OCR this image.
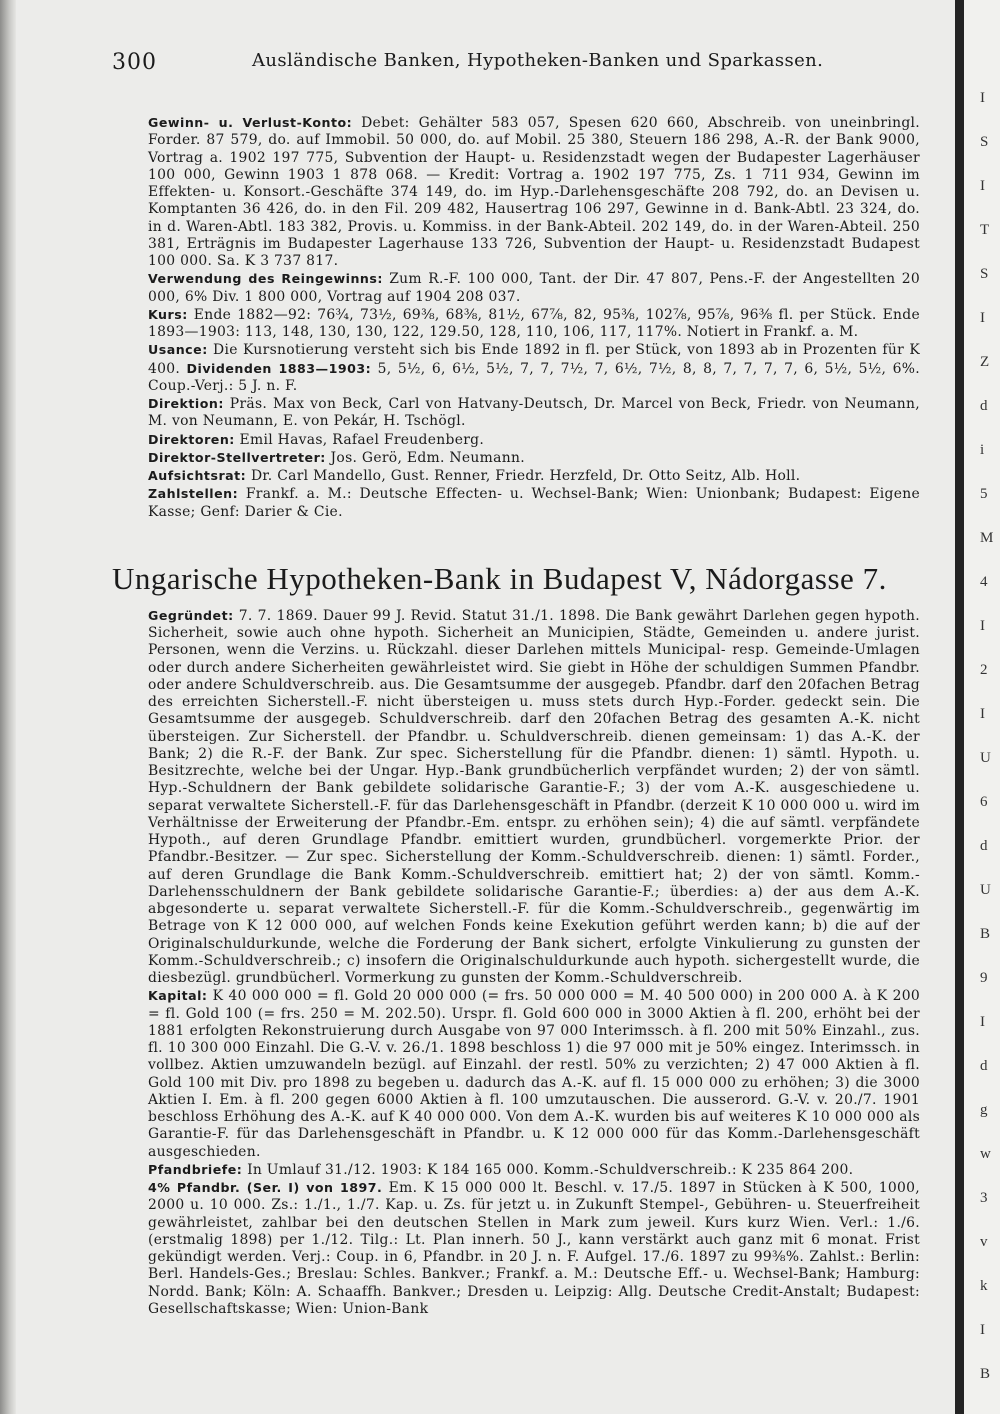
I
S
I
T
S
I
Z
d
i
5
M
4
I
2
I
U
6
d
U
B
9
I
d
g
w
3
v
k
I
B
300	Ausländische Banken, Hypotheken-Banken und Sparkassen.

Gewinn- u. Verlust-Konto: Debet: Gehälter 583 057, Spesen 620 660, Abschreib. von uneinbringl. Forder. 87 579, do. auf Immobil. 50 000, do. auf Mobil. 25 380, Steuern 186 298, A.-R. der Bank 9000, Vortrag a. 1902 197 775, Subvention der Haupt- u. Residenzstadt wegen der Budapester Lagerhäuser 100 000, Gewinn 1903 1 878 068. — Kredit: Vortrag a. 1902 197 775, Zs. 1 711 934, Gewinn im Effekten- u. Konsort.-Geschäfte 374 149, do. im Hyp.-Darlehensgeschäfte 208 792, do. an Devisen u. Komptanten 36 426, do. in den Fil. 209 482, Hausertrag 106 297, Gewinne in d. Bank-Abtl. 23 324, do. in d. Waren-Abtl. 183 382, Provis. u. Kommiss. in der Bank-Abteil. 202 149, do. in der Waren-Abteil. 250 381, Erträgnis im Budapester Lagerhause 133 726, Subvention der Haupt- u. Residenzstadt Budapest 100 000. Sa. K 3 737 817.

Verwendung des Reingewinns: Zum R.-F. 100 000, Tant. der Dir. 47 807, Pens.-F. der Angestellten 20 000, 6% Div. 1 800 000, Vortrag auf 1904 208 037.

Kurs: Ende 1882—92: 76¾, 73½, 69⅜, 68⅜, 81½, 67⅞, 82, 95⅜, 102⅞, 95⅞, 96⅜ fl. per Stück. Ende 1893—1903: 113, 148, 130, 130, 122, 129.50, 128, 110, 106, 117, 117%. Notiert in Frankf. a. M.

Usance: Die Kursnotierung versteht sich bis Ende 1892 in fl. per Stück, von 1893 ab in Prozenten für K 400. Dividenden 1883—1903: 5, 5½, 6, 6½, 5½, 7, 7, 7½, 7, 6½, 7½, 8, 8, 7, 7, 7, 7, 6, 5½, 5½, 6%. Coup.-Verj.: 5 J. n. F.

Direktion: Präs. Max von Beck, Carl von Hatvany-Deutsch, Dr. Marcel von Beck, Friedr. von Neumann, M. von Neumann, E. von Pekár, H. Tschögl.

Direktoren: Emil Havas, Rafael Freudenberg.

Direktor-Stellvertreter: Jos. Gerö, Edm. Neumann.

Aufsichtsrat: Dr. Carl Mandello, Gust. Renner, Friedr. Herzfeld, Dr. Otto Seitz, Alb. Holl.

Zahlstellen: Frankf. a. M.: Deutsche Effecten- u. Wechsel-Bank; Wien: Unionbank; Budapest: Eigene Kasse; Genf: Darier & Cie.

Ungarische Hypotheken-Bank in Budapest V, Nádorgasse 7.

Gegründet: 7. 7. 1869. Dauer 99 J. Revid. Statut 31./1. 1898. Die Bank gewährt Darlehen gegen hypoth. Sicherheit, sowie auch ohne hypoth. Sicherheit an Municipien, Städte, Gemeinden u. andere jurist. Personen, wenn die Verzins. u. Rückzahl. dieser Darlehen mittels Municipal- resp. Gemeinde-Umlagen oder durch andere Sicherheiten gewährleistet wird. Sie giebt in Höhe der schuldigen Summen Pfandbr. oder andere Schuldverschreib. aus. Die Gesamtsumme der ausgegeb. Pfandbr. darf den 20fachen Betrag des erreichten Sicherstell.-F. nicht übersteigen u. muss stets durch Hyp.-Forder. gedeckt sein. Die Gesamtsumme der ausgegeb. Schuldverschreib. darf den 20fachen Betrag des gesamten A.-K. nicht übersteigen. Zur Sicherstell. der Pfandbr. u. Schuldverschreib. dienen gemeinsam: 1) das A.-K. der Bank; 2) die R.-F. der Bank. Zur spec. Sicherstellung für die Pfandbr. dienen: 1) sämtl. Hypoth. u. Besitzrechte, welche bei der Ungar. Hyp.-Bank grundbücherlich verpfändet wurden; 2) der von sämtl. Hyp.-Schuldnern der Bank gebildete solidarische Garantie-F.; 3) der vom A.-K. ausgeschiedene u. separat verwaltete Sicherstell.-F. für das Darlehensgeschäft in Pfandbr. (derzeit K 10 000 000 u. wird im Verhältnisse der Erweiterung der Pfandbr.-Em. entspr. zu erhöhen sein); 4) die auf sämtl. verpfändete Hypoth., auf deren Grundlage Pfandbr. emittiert wurden, grundbücherl. vorgemerkte Prior. der Pfandbr.-Besitzer. — Zur spec. Sicherstellung der Komm.-Schuldverschreib. dienen: 1) sämtl. Forder., auf deren Grundlage die Bank Komm.-Schuldverschreib. emittiert hat; 2) der von sämtl. Komm.-Darlehensschuldnern der Bank gebildete solidarische Garantie-F.; überdies: a) der aus dem A.-K. abgesonderte u. separat verwaltete Sicherstell.-F. für die Komm.-Schuldverschreib., gegenwärtig im Betrage von K 12 000 000, auf welchen Fonds keine Exekution geführt werden kann; b) die auf der Originalschuldurkunde, welche die Forderung der Bank sichert, erfolgte Vinkulierung zu gunsten der Komm.-Schuldverschreib.; c) insofern die Originalschuldurkunde auch hypoth. sichergestellt wurde, die diesbezügl. grundbücherl. Vormerkung zu gunsten der Komm.-Schuldverschreib.

Kapital: K 40 000 000 = fl. Gold 20 000 000 (= frs. 50 000 000 = M. 40 500 000) in 200 000 A. à K 200 = fl. Gold 100 (= frs. 250 = M. 202.50). Urspr. fl. Gold 600 000 in 3000 Aktien à fl. 200, erhöht bei der 1881 erfolgten Rekonstruierung durch Ausgabe von 97 000 Interimssch. à fl. 200 mit 50% Einzahl., zus. fl. 10 300 000 Einzahl. Die G.-V. v. 26./1. 1898 beschloss 1) die 97 000 mit je 50% eingez. Interimssch. in vollbez. Aktien umzuwandeln bezügl. auf Einzahl. der restl. 50% zu verzichten; 2) 47 000 Aktien à fl. Gold 100 mit Div. pro 1898 zu begeben u. dadurch das A.-K. auf fl. 15 000 000 zu erhöhen; 3) die 3000 Aktien I. Em. à fl. 200 gegen 6000 Aktien à fl. 100 umzutauschen. Die ausserord. G.-V. v. 20./7. 1901 beschloss Erhöhung des A.-K. auf K 40 000 000. Von dem A.-K. wurden bis auf weiteres K 10 000 000 als Garantie-F. für das Darlehensgeschäft in Pfandbr. u. K 12 000 000 für das Komm.-Darlehensgeschäft ausgeschieden.

Pfandbriefe: In Umlauf 31./12. 1903: K 184 165 000. Komm.-Schuldverschreib.: K 235 864 200.

4% Pfandbr. (Ser. I) von 1897. Em. K 15 000 000 lt. Beschl. v. 17./5. 1897 in Stücken à K 500, 1000, 2000 u. 10 000. Zs.: 1./1., 1./7. Kap. u. Zs. für jetzt u. in Zukunft Stempel-, Gebühren- u. Steuerfreiheit gewährleistet, zahlbar bei den deutschen Stellen in Mark zum jeweil. Kurs kurz Wien. Verl.: 1./6. (erstmalig 1898) per 1./12. Tilg.: Lt. Plan innerh. 50 J., kann verstärkt auch ganz mit 6 monat. Frist gekündigt werden. Verj.: Coup. in 6, Pfandbr. in 20 J. n. F. Aufgel. 17./6. 1897 zu 99⅜%. Zahlst.: Berlin: Berl. Handels-Ges.; Breslau: Schles. Bankver.; Frankf. a. M.: Deutsche Eff.- u. Wechsel-Bank; Hamburg: Nordd. Bank; Köln: A. Schaaffh. Bankver.; Dresden u. Leipzig: Allg. Deutsche Credit-Anstalt; Budapest: Gesellschaftskasse; Wien: Union-Bank
